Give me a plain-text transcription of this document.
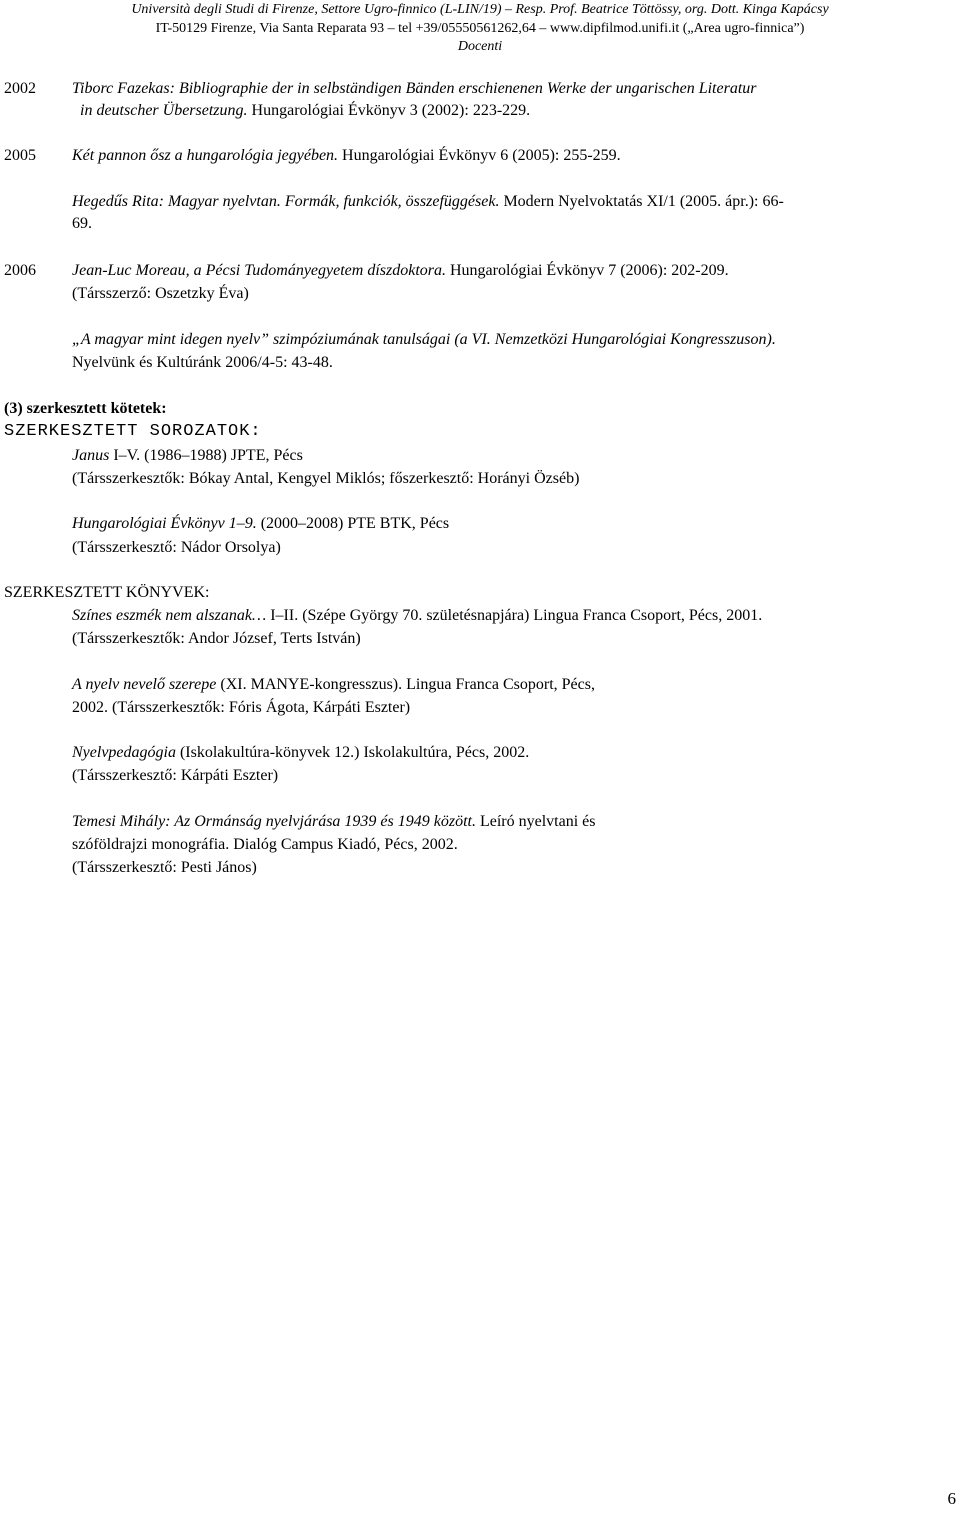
Università degli Studi di Firenze, Settore Ugro-finnico (L-LIN/19) – Resp. Prof. Beatrice Töttössy, org. Dott. Kinga Kapácsy
IT-50129 Firenze, Via Santa Reparata 93 – tel +39/05550561262,64 – www.dipfilmod.unifi.it („Area ugro-finnica”)
Docenti
2002 Tiborc Fazekas: Bibliographie der in selbständigen Bänden erschienenen Werke der ungarischen Literatur
in deutscher Übersetzung. Hungarológiai Évkönyv 3 (2002): 223-229.
2005 Két pannon ősz a hungarológia jegyében. Hungarológiai Évkönyv 6 (2005): 255-259.
Hegedűs Rita: Magyar nyelvtan. Formák, funkciók, összefüggések. Modern Nyelvoktatás XI/1 (2005. ápr.): 66-
69.
2006 Jean-Luc Moreau, a Pécsi Tudományegyetem díszdoktora. Hungarológiai Évkönyv 7 (2006): 202-209.
(Társszerző: Oszetzky Éva)
„A magyar mint idegen nyelv” szimpóziumának tanulságai (a VI. Nemzetközi Hungarológiai Kongresszuson).
Nyelvünk és Kultúránk 2006/4-5: 43-48.
(3) szerkesztett kötetek:
SZERKESZTETT SOROZATOK:
Janus I–V. (1986–1988) JPTE, Pécs
(Társszerkesztők: Bókay Antal, Kengyel Miklós; főszerkesztő: Horányi Özséb)
Hungarológiai Évkönyv 1–9. (2000–2008) PTE BTK, Pécs
(Társszerkesztő: Nádor Orsolya)
SZERKESZTETT KÖNYVEK:
Színes eszmék nem alszanak… I–II. (Szépe György 70. születésnapjára) Lingua Franca Csoport, Pécs, 2001.
(Társszerkesztők: Andor József, Terts István)
A nyelv nevelő szerepe (XI. MANYE-kongresszus). Lingua Franca Csoport, Pécs,
2002. (Társszerkesztők: Fóris Ágota, Kárpáti Eszter)
Nyelvpedagógia (Iskolakultúra-könyvek 12.) Iskolakultúra, Pécs, 2002.
(Társszerkesztő: Kárpáti Eszter)
Temesi Mihály: Az Ormánság nyelvjárása 1939 és 1949 között. Leíró nyelvtani és
szóföldrajzi monográfia. Dialóg Campus Kiadó, Pécs, 2002.
(Társszerkesztő: Pesti János)
6
